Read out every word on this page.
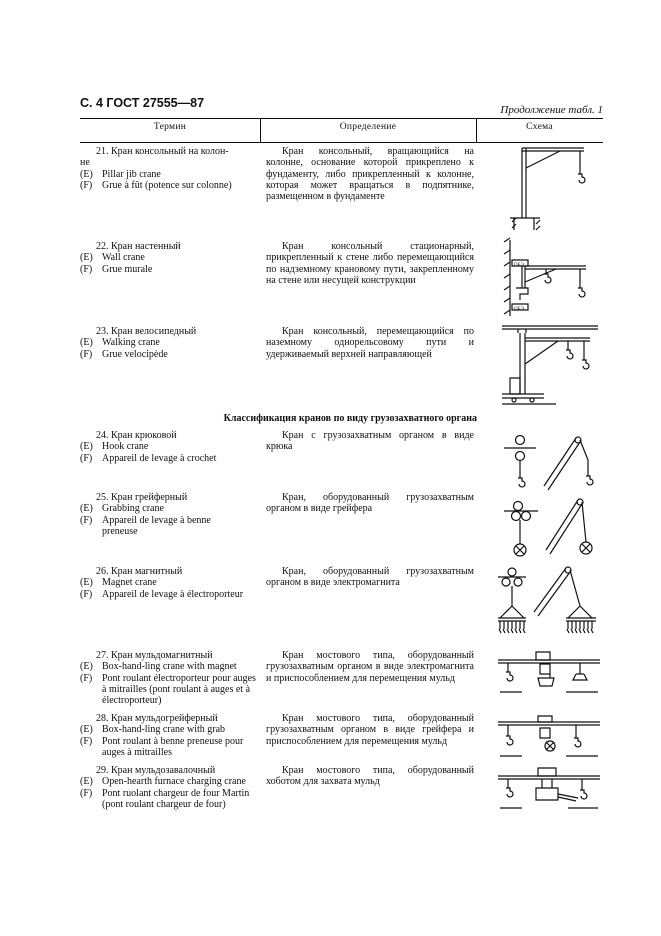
С. 4 ГОСТ 27555—87	Продолжение табл. 1
Термин	Определение	Схема
21. Кран консольный на колон-
не
(E) Pillar jib crane
(F) Grue à fût (potence sur colonne)
Кран консольный, вращающийся на колонне, основание которой прикреплено к фундаменту, либо прикрепленный к колонне, которая может вращаться в подпятнике, размещенном в фундаменте
22. Кран настенный
(E) Wall crane
(F) Grue murale
Кран консольный стационарный, прикрепленный к стене либо перемещающийся по надземному крановому пути, закрепленному на стене или несущей конструкции
23. Кран велосипедный
(E) Walking crane
(F) Grue velocipède
Кран консольный, перемещающийся по наземному однорельсовому пути и удерживаемый верхней направляющей
Классификация кранов по виду грузозахватного органа
24. Кран крюковой
(E) Hook crane
(F) Appareil de levage à crochet
Кран с грузозахватным органом в виде крюка
25. Кран грейферный
(E) Grabbing crane
(F) Appareil de levage à benne
preneuse
Кран, оборудованный грузозахватным органом в виде грейфера
26. Кран магнитный
(E) Magnet crane
(F) Appareil de levage à électroporteur
Кран, оборудованный грузозахватным органом в виде электромагнита
27. Кран мульдомагнитный
(E) Box-hand-ling crane with magnet
(F) Pont roulant électroporteur pour auges à mitrailles (pont roulant à auges et à électroporteur)
Кран мостового типа, оборудованный грузозахватным органом в виде электромагнита и приспособлением для перемещения мульд
28. Кран мульдогрейферный
(E) Box-hand-ling crane with grab
(F) Pont roulant à benne preneuse pour auges à mitrailles
Кран мостового типа, оборудованный грузозахватным органом в виде грейфера и приспособлением для перемещения мульд
29. Кран мульдозавалочный
(E) Open-hearth furnace charging crane
(F) Pont ruolant chargeur de four Martin (pont roulant chargeur de four)
Кран мостового типа, оборудованный хоботом для захвата мульд
ОБЭ
ОБЭ
